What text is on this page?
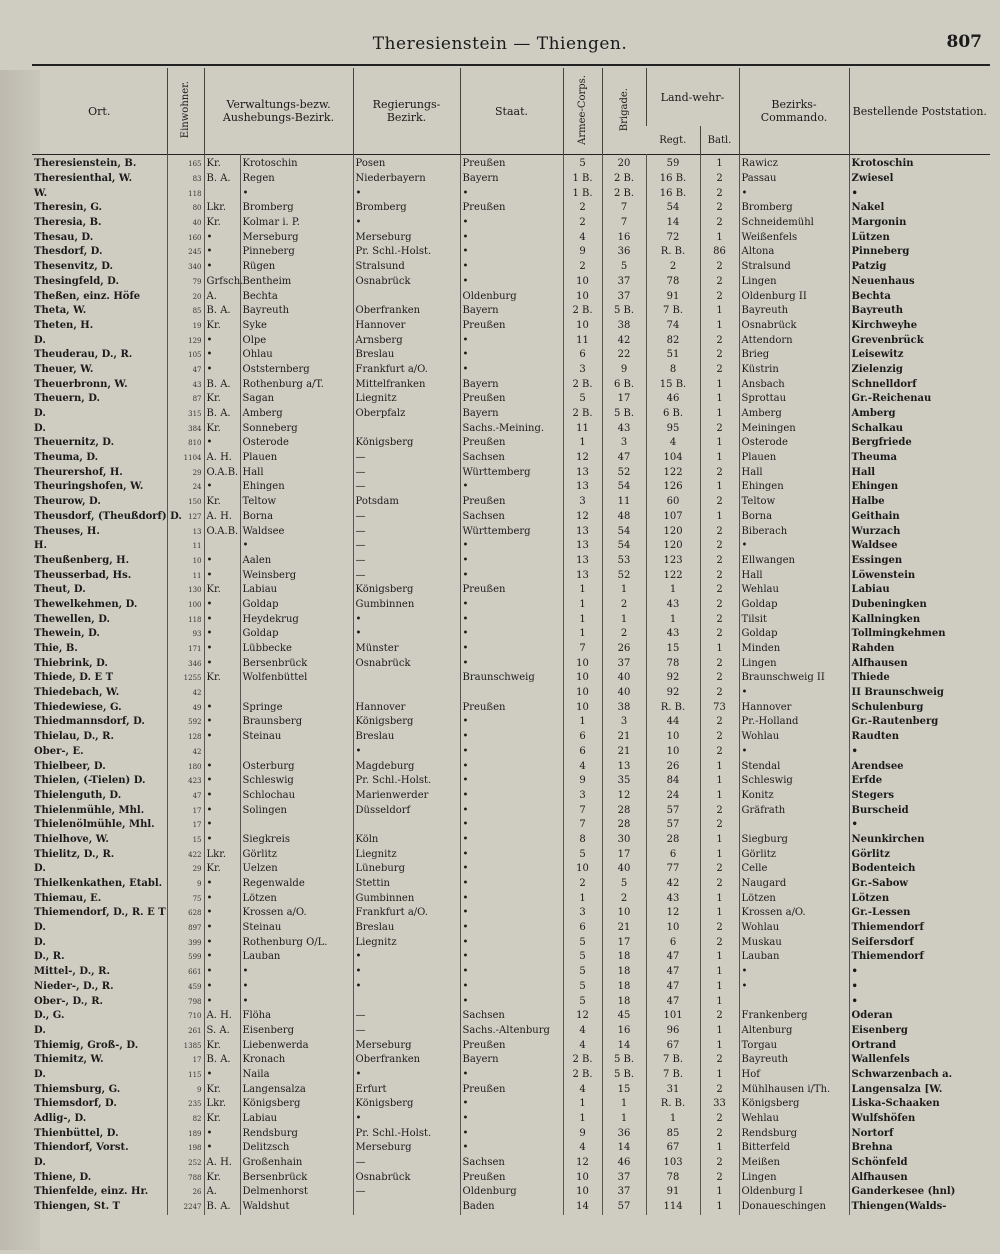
Theresienstein — Thiengen.	807
Ort.	Einwohner.	Verwaltungs-bezw. Aushebungs-Bezirk.		Regierungs-Bezirk.	Staat.	Armee-Corps.	Brigade.	Land-wehr-		Bezirks-Commando.	Bestellende Poststation.
								Regt.	Batl.		
Theresienstein, B.	165	Kr.	Krotoschin	Posen	Preußen	5	20	59	1	Rawicz	Krotoschin
Theresienthal, W.	83	B. A.	Regen	Niederbayern	Bayern	1 B.	2 B.	16 B.	2	Passau	Zwiesel
W.	118		•	•	•	1 B.	2 B.	16 B.	2	•	•
Theresin, G.	80	Lkr.	Bromberg	Bromberg	Preußen	2	7	54	2	Bromberg	Nakel
Theresia, B.	40	Kr.	Kolmar i. P.	•	•	2	7	14	2	Schneidemühl	Margonin
Thesau, D.	160	•	Merseburg	Merseburg	•	4	16	72	1	Weißenfels	Lützen
Thesdorf, D.	245	•	Pinneberg	Pr. Schl.-Holst.	•	9	36	R. B.	86	Altona	Pinneberg
Thesenvitz, D.	340	•	Rügen	Stralsund	•	2	5	2	2	Stralsund	Patzig
Thesingfeld, D.	79	Grfsch.	Bentheim	Osnabrück	•	10	37	78	2	Lingen	Neuenhaus
Theßen, einz. Höfe	20	A.	Bechta		Oldenburg	10	37	91	2	Oldenburg II	Bechta
Theta, W.	85	B. A.	Bayreuth	Oberfranken	Bayern	2 B.	5 B.	7 B.	1	Bayreuth	Bayreuth
Theten, H.	19	Kr.	Syke	Hannover	Preußen	10	38	74	1	Osnabrück	Kirchweyhe
D.	129	•	Olpe	Arnsberg	•	11	42	82	2	Attendorn	Grevenbrück
Theuderau, D., R.	105	•	Ohlau	Breslau	•	6	22	51	2	Brieg	Leisewitz
Theuer, W.	47	•	Oststernberg	Frankfurt a/O.	•	3	9	8	2	Küstrin	Zielenzig
Theuerbronn, W.	43	B. A.	Rothenburg a/T.	Mittelfranken	Bayern	2 B.	6 B.	15 B.	1	Ansbach	Schnelldorf
Theuern, D.	87	Kr.	Sagan	Liegnitz	Preußen	5	17	46	1	Sprottau	Gr.-Reichenau
D.	315	B. A.	Amberg	Oberpfalz	Bayern	2 B.	5 B.	6 B.	1	Amberg	Amberg
D.	384	Kr.	Sonneberg		Sachs.-Meining.	11	43	95	2	Meiningen	Schalkau
Theuernitz, D.	810	•	Osterode	Königsberg	Preußen	1	3	4	1	Osterode	Bergfriede
Theuma, D.	1104	A. H.	Plauen	—	Sachsen	12	47	104	1	Plauen	Theuma
Theurershof, H.	29	O.A.B.	Hall	—	Württemberg	13	52	122	2	Hall	Hall
Theuringshofen, W.	24	•	Ehingen	—	•	13	54	126	1	Ehingen	Ehingen
Theurow, D.	150	Kr.	Teltow	Potsdam	Preußen	3	11	60	2	Teltow	Halbe
Theusdorf, (Theußdorf) D.	127	A. H.	Borna	—	Sachsen	12	48	107	1	Borna	Geithain
Theuses, H.	13	O.A.B.	Waldsee	—	Württemberg	13	54	120	2	Biberach	Wurzach
H.	11		•	—	•	13	54	120	2	•	Waldsee
Theußenberg, H.	10	•	Aalen	—	•	13	53	123	2	Ellwangen	Essingen
Theusserbad, Hs.	11	•	Weinsberg	—	•	13	52	122	2	Hall	Löwenstein
Theut, D.	130	Kr.	Labiau	Königsberg	Preußen	1	1	1	2	Wehlau	Labiau
Thewelkehmen, D.	100	•	Goldap	Gumbinnen	•	1	2	43	2	Goldap	Dubeningken
Thewellen, D.	118	•	Heydekrug	•	•	1	1	1	2	Tilsit	Kallningken
Thewein, D.	93	•	Goldap	•	•	1	2	43	2	Goldap	Tollmingkehmen
Thie, B.	171	•	Lübbecke	Münster	•	7	26	15	1	Minden	Rahden
Thiebrink, D.	346	•	Bersenbrück	Osnabrück	•	10	37	78	2	Lingen	Alfhausen
Thiede, D. E T	1255	Kr.	Wolfenbüttel		Braunschweig	10	40	92	2	Braunschweig II	Thiede
Thiedebach, W.	42					10	40	92	2	•	II Braunschweig
Thiedewiese, G.	49	•	Springe	Hannover	Preußen	10	38	R. B.	73	Hannover	Schulenburg
Thiedmannsdorf, D.	592	•	Braunsberg	Königsberg	•	1	3	44	2	Pr.-Holland	Gr.-Rautenberg
Thielau, D., R.	128	•	Steinau	Breslau	•	6	21	10	2	Wohlau	Raudten
Ober-, E.	42			•	•	6	21	10	2	•	•
Thielbeer, D.	180	•	Osterburg	Magdeburg	•	4	13	26	1	Stendal	Arendsee
Thielen, (-Tielen) D.	423	•	Schleswig	Pr. Schl.-Holst.	•	9	35	84	1	Schleswig	Erfde
Thielenguth, D.	47	•	Schlochau	Marienwerder	•	3	12	24	1	Konitz	Stegers
Thielenmühle, Mhl.	17	•	Solingen	Düsseldorf	•	7	28	57	2	Gräfrath	Burscheid
Thielenölmühle, Mhl.	17	•			•	7	28	57	2		•
Thielhove, W.	15	•	Siegkreis	Köln	•	8	30	28	1	Siegburg	Neunkirchen
Thielitz, D., R.	422	Lkr.	Görlitz	Liegnitz	•	5	17	6	1	Görlitz	Görlitz
D.	29	Kr.	Uelzen	Lüneburg	•	10	40	77	2	Celle	Bodenteich
Thielkenkathen, Etabl.	9	•	Regenwalde	Stettin	•	2	5	42	2	Naugard	Gr.-Sabow
Thiemau, E.	75	•	Lötzen	Gumbinnen	•	1	2	43	1	Lötzen	Lötzen
Thiemendorf, D., R. E T	628	•	Krossen a/O.	Frankfurt a/O.	•	3	10	12	1	Krossen a/O.	Gr.-Lessen
D.	897	•	Steinau	Breslau	•	6	21	10	2	Wohlau	Thiemendorf
D.	399	•	Rothenburg O/L.	Liegnitz	•	5	17	6	2	Muskau	Seifersdorf
D., R.	599	•	Lauban	•	•	5	18	47	1	Lauban	Thiemendorf
Mittel-, D., R.	661	•	•	•	•	5	18	47	1	•	•
Nieder-, D., R.	459	•	•	•	•	5	18	47	1	•	•
Ober-, D., R.	798	•	•		•	5	18	47	1		•
D., G.	710	A. H.	Flöha	—	Sachsen	12	45	101	2	Frankenberg	Oderan
D.	261	S. A.	Eisenberg	—	Sachs.-Altenburg	4	16	96	1	Altenburg	Eisenberg
Thiemig, Groß-, D.	1385	Kr.	Liebenwerda	Merseburg	Preußen	4	14	67	1	Torgau	Ortrand
Thiemitz, W.	17	B. A.	Kronach	Oberfranken	Bayern	2 B.	5 B.	7 B.	2	Bayreuth	Wallenfels
D.	115	•	Naila	•	•	2 B.	5 B.	7 B.	1	Hof	Schwarzenbach a.
Thiemsburg, G.	9	Kr.	Langensalza	Erfurt	Preußen	4	15	31	2	Mühlhausen i/Th.	Langensalza [W.
Thiemsdorf, D.	235	Lkr.	Königsberg	Königsberg	•	1	1	R. B.	33	Königsberg	Liska-Schaaken
Adlig-, D.	82	Kr.	Labiau	•	•	1	1	1	2	Wehlau	Wulfshöfen
Thienbüttel, D.	189	•	Rendsburg	Pr. Schl.-Holst.	•	9	36	85	2	Rendsburg	Nortorf
Thiendorf, Vorst.	198	•	Delitzsch	Merseburg	•	4	14	67	1	Bitterfeld	Brehna
D.	252	A. H.	Großenhain	—	Sachsen	12	46	103	2	Meißen	Schönfeld
Thiene, D.	788	Kr.	Bersenbrück	Osnabrück	Preußen	10	37	78	2	Lingen	Alfhausen
Thienfelde, einz. Hr.	26	A.	Delmenhorst	—	Oldenburg	10	37	91	1	Oldenburg I	Ganderkesee (hnl)
Thiengen, St. T	2247	B. A.	Waldshut		Baden	14	57	114	1	Donaueschingen	Thiengen(Walds-
